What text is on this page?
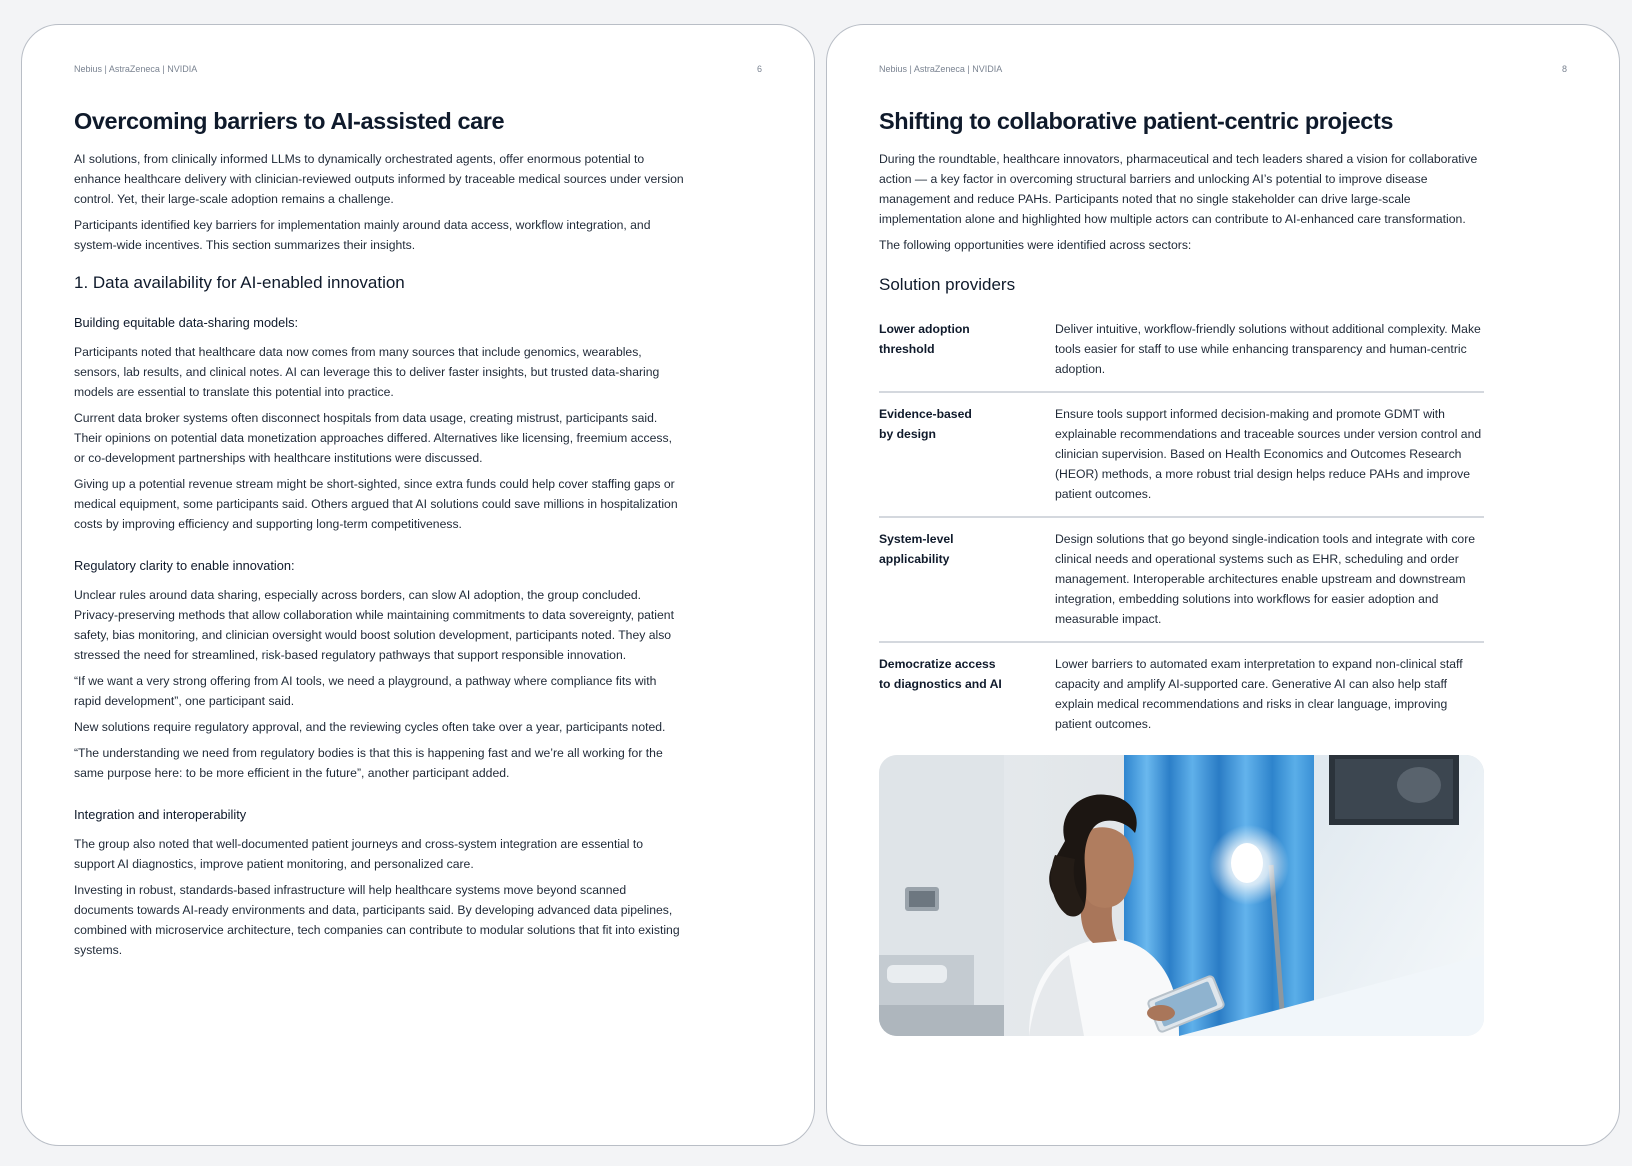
Nebius | AstraZeneca | NVIDIA	6
Overcoming barriers to AI-assisted care

AI solutions, from clinically informed LLMs to dynamically orchestrated agents, offer enormous potential to enhance healthcare delivery with clinician-reviewed outputs informed by traceable medical sources under version control. Yet, their large-scale adoption remains a challenge.

Participants identified key barriers for implementation mainly around data access, workflow integration, and system-wide incentives. This section summarizes their insights.

1. Data availability for AI-enabled innovation
Building equitable data-sharing models:

Participants noted that healthcare data now comes from many sources that include genomics, wearables, sensors, lab results, and clinical notes. AI can leverage this to deliver faster insights, but trusted data-sharing models are essential to translate this potential into practice.

Current data broker systems often disconnect hospitals from data usage, creating mistrust, participants said. Their opinions on potential data monetization approaches differed. Alternatives like licensing, freemium access, or co-development partnerships with healthcare institutions were discussed.

Giving up a potential revenue stream might be short-sighted, since extra funds could help cover staffing gaps or medical equipment, some participants said. Others argued that AI solutions could save millions in hospitalization costs by improving efficiency and supporting long-term competitiveness.

Regulatory clarity to enable innovation:

Unclear rules around data sharing, especially across borders, can slow AI adoption, the group concluded. Privacy-preserving methods that allow collaboration while maintaining commitments to data sovereignty, patient safety, bias monitoring, and clinician oversight would boost solution development, participants noted. They also stressed the need for streamlined, risk-based regulatory pathways that support responsible innovation.

“If we want a very strong offering from AI tools, we need a playground, a pathway where compliance fits with rapid development”, one participant said.

New solutions require regulatory approval, and the reviewing cycles often take over a year, participants noted.

“The understanding we need from regulatory bodies is that this is happening fast and we’re all working for the same purpose here: to be more efficient in the future”, another participant added.

Integration and interoperability

The group also noted that well-documented patient journeys and cross-system integration are essential to support AI diagnostics, improve patient monitoring, and personalized care.

Investing in robust, standards-based infrastructure will help healthcare systems move beyond scanned documents towards AI-ready environments and data, participants said. By developing advanced data pipelines, combined with microservice architecture, tech companies can contribute to modular solutions that fit into existing systems.

Nebius | AstraZeneca | NVIDIA	8
Shifting to collaborative patient-centric projects

During the roundtable, healthcare innovators, pharmaceutical and tech leaders shared a vision for collaborative action — a key factor in overcoming structural barriers and unlocking AI’s potential to improve disease management and reduce PAHs. Participants noted that no single stakeholder can drive large-scale implementation alone and highlighted how multiple actors can contribute to AI-enhanced care transformation.

The following opportunities were identified across sectors:

Solution providers
Lower adoption
threshold
Deliver intuitive, workflow-friendly solutions without additional complexity. Make tools easier for staff to use while enhancing transparency and human-centric adoption.
Evidence-based
by design
Ensure tools support informed decision-making and promote GDMT with explainable recommendations and traceable sources under version control and clinician supervision. Based on Health Economics and Outcomes Research (HEOR) methods, a more robust trial design helps reduce PAHs and improve patient outcomes.
System-level
applicability
Design solutions that go beyond single-indication tools and integrate with core clinical needs and operational systems such as EHR, scheduling and order management. Interoperable architectures enable upstream and downstream integration, embedding solutions into workflows for easier adoption and measurable impact.
Democratize access
to diagnostics and AI
Lower barriers to automated exam interpretation to expand non-clinical staff capacity and amplify AI-supported care. Generative AI can also help staff explain medical recommendations and risks in clear language, improving patient outcomes.
